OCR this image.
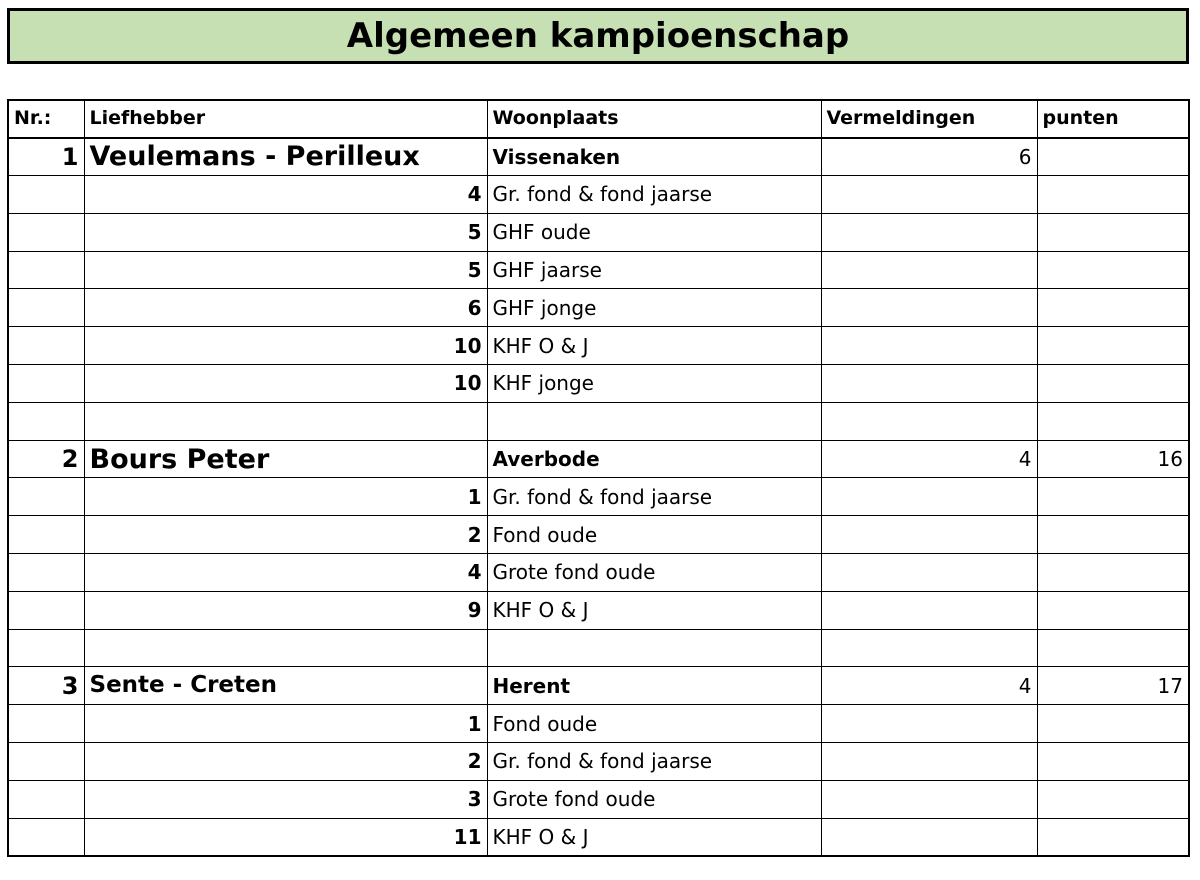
Algemeen kampioenschap
Nr.:	Liefhebber	Woonplaats	Vermeldingen	punten
1	Veulemans - Perilleux	Vissenaken	6	
	4	Gr. fond & fond jaarse		
	5	GHF oude		
	5	GHF jaarse		
	6	GHF jonge		
	10	KHF O & J		
	10	KHF jonge		

2	Bours Peter	Averbode	4	16
	1	Gr. fond & fond jaarse		
	2	Fond oude		
	4	Grote fond oude		
	9	KHF O & J		

3	Sente - Creten	Herent	4	17
	1	Fond oude		
	2	Gr. fond & fond jaarse		
	3	Grote fond oude		
	11	KHF O & J		
